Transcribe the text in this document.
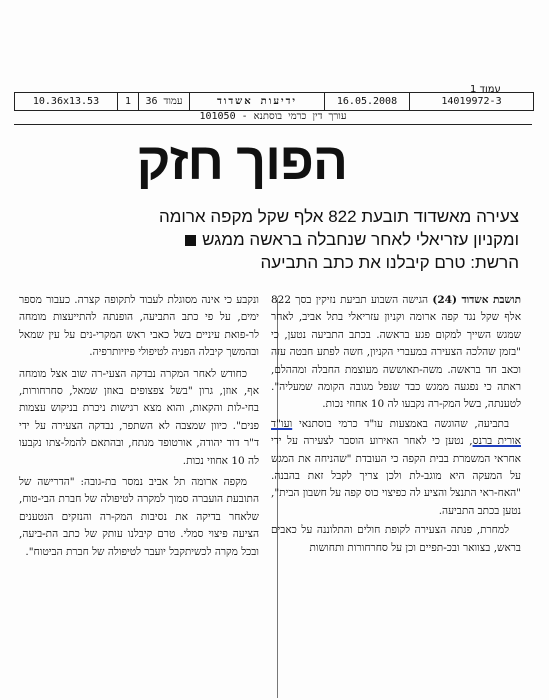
עמוד 1
10.36x13.53	1	עמוד 36	ידיעות אשדוד	16.05.2008	14019972-3
עורך דין כרמי בוסתנא - 101050
הפוך חזק
צעירה מאשדוד תובעת 822 אלף שקל מקפה ארומה
ומקניון עזריאלי לאחר שנחבלה בראשה ממגש
הרשת: טרם קיבלנו את כתב התביעה

תושבת אשדוד (24) הגישה השבוע תביעת נזיקין בסך 822 אלף שקל נגד קפה ארומה וקניון עזריאלי בתל אביב, לאחר שמגש השייך למקום פגע בראשה. בכתב התביעה נטען, כי "בזמן שהלכה הצעירה במעברי הקניון, חשה לפתע חבטה עזה וכאב חד בראשה. משה-תאוששה מעוצמת החבלה ומההלם, ראתה כי נפגעה ממגש כבד שנפל מגובה הקומה שמעליה". לטענתה, בשל המק-רה נקבעו לה 10 אחוזי נכות.

בתביעה, שהוגשה באמצעות עו"ד כרמי בוסתנאי ועו"ד אורית ברנס, נטען כי לאחר האירוע הוסבר לצעירה על ידי אחראי המשמרת בבית הקפה כי העובדת "שהניחה את המגש על המעקה היא מוגב-לת ולכן צריך לקבל זאת בהבנה. "האח-ראי התנצל והציע לה כפיצוי כוס קפה על חשבון הבית", נטען בכתב התביעה.

למחרת, פנתה הצעירה לקופת חולים והתלוננה על כאבים בראש, בצוואר ובכ-תפיים וכן על סחרחורות ותחושות

ונקבע כי אינה מסוגלת לעבוד לתקופה קצרה. כעבור מספר ימים, על פי כתב התביעה, הופנתה להתייעצות מומחה לר-פואת עיניים בשל כאבי ראש המקרי-נים על עין שמאל ובהמשך קיבלה הפניה לטיפולי פיזיותרפיה.

כחודש לאחר המקרה נבדקה הצעי-רה שוב אצל מומחה אף, אוזן, גרון "בשל צפצופים באוזן שמאל, סחרחורות, בחי-לות והקאות, והוא מצא רגישות ניכרת בניקוש עצמות פנים". כיוון שמצבה לא השתפר, נבדקה הצעירה על ידי ד"ר דוד יהודה, אורטופד מנתח, ובהתאם להמל-צתו נקבעו לה 10 אחוזי נכות.

מקפה ארומה תל אביב נמסר בת-גובה: "הדרישה של התובעת הועברה סמוך למקרה לטיפולה של חברת הבי-טוח, שלאחר בדיקה את נסיבות המק-רה והנזקים הנטענים הציעה פיצוי סמלי. טרם קיבלנו עותק של כתב הת-ביעה, ובכל מקרה לכשיתקבל יועבר לטיפולה של חברת הביטוח".
